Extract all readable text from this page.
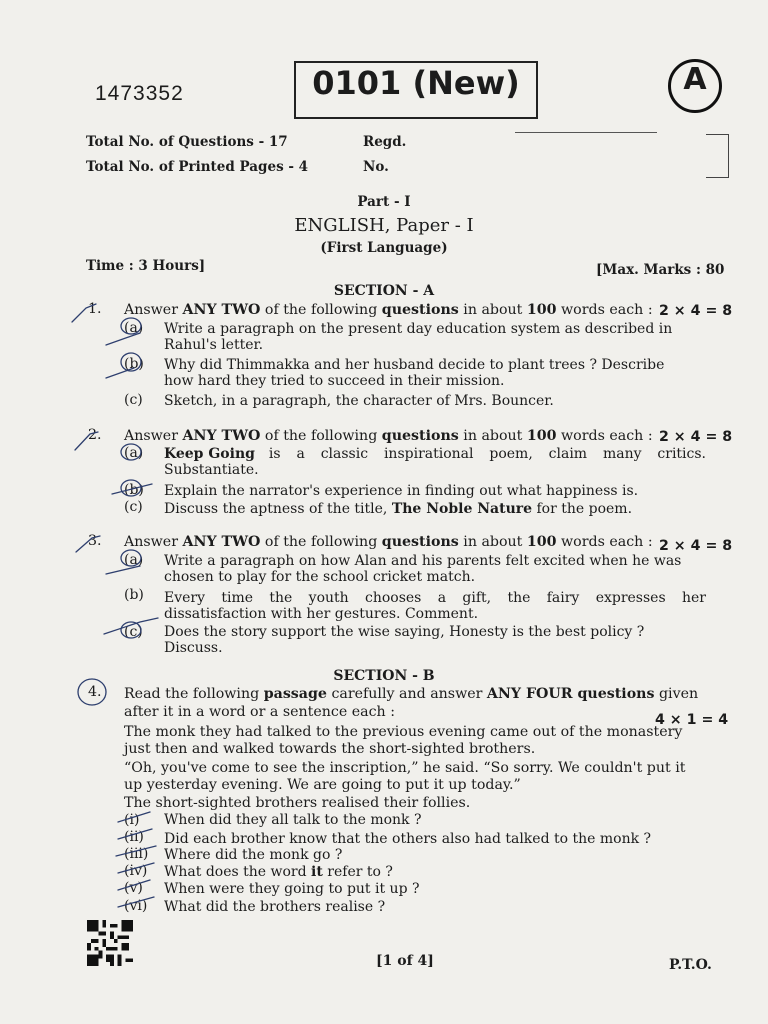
1473352	0101 (New)	A
Total No. of Questions - 17
Total No. of Printed Pages - 4
Regd.
No.
Part - I
ENGLISH, Paper - I
(First Language)
Time : 3 Hours]	[Max. Marks : 80
SECTION - A
1. Answer ANY TWO of the following questions in about 100 words each : 2 × 4 = 8
(a) Write a paragraph on the present day education system as described in
Rahul's letter.
(b) Why did Thimmakka and her husband decide to plant trees ? Describe
how hard they tried to succeed in their mission.
(c) Sketch, in a paragraph, the character of Mrs. Bouncer.
2. Answer ANY TWO of the following questions in about 100 words each : 2 × 4 = 8
(a) Keep Going is a classic inspirational poem, claim many critics.
Substantiate.
(b) Explain the narrator's experience in finding out what happiness is.
(c) Discuss the aptness of the title, The Noble Nature for the poem.
3. Answer ANY TWO of the following questions in about 100 words each : 2 × 4 = 8
(a) Write a paragraph on how Alan and his parents felt excited when he was
chosen to play for the school cricket match.
(b) Every time the youth chooses a gift, the fairy expresses her
dissatisfaction with her gestures. Comment.
(c) Does the story support the wise saying, Honesty is the best policy ?
Discuss.
SECTION - B
4. Read the following passage carefully and answer ANY FOUR questions given
after it in a word or a sentence each :	4 × 1 = 4
The monk they had talked to the previous evening came out of the monastery
just then and walked towards the short-sighted brothers.
“Oh, you've come to see the inscription,” he said. “So sorry. We couldn't put it
up yesterday evening. We are going to put it up today.”
The short-sighted brothers realised their follies.
(i) When did they all talk to the monk ?
(ii) Did each brother know that the others also had talked to the monk ?
(iii) Where did the monk go ?
(iv) What does the word it refer to ?
(v) When were they going to put it up ?
(vi) What did the brothers realise ?
[1 of 4]	P.T.O.
